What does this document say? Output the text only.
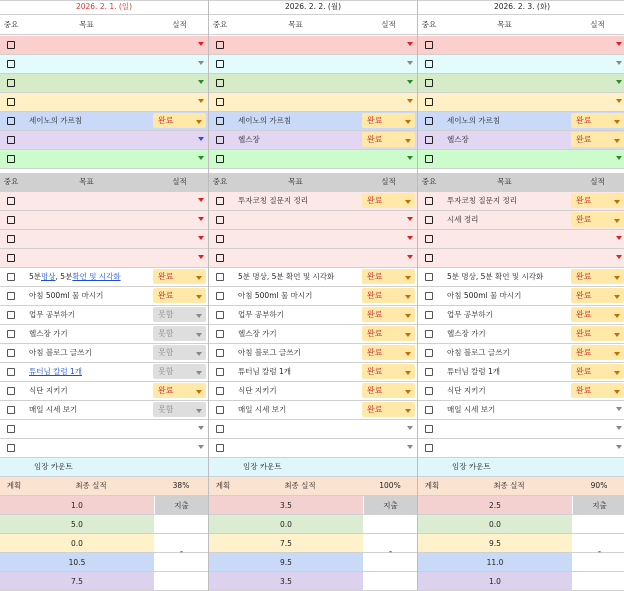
2026. 2. 1. (일)
중요	목표	실적
중요	목표	실적
세이노의 가르침	완료
5분 명상 , 5분 확언 및 시각화	완료
아침 500ml 물 마시기	완료
업무 공부하기	못함
헬스장 가기	못함
아침 블로그 글쓰기	못함
튜터님 칼럼 1개	못함
식단 지키기	완료
매일 시세 보기	못함
임장 카운트
계획	최종 실적	38%
1.0
5.0
0.0
10.5
7.5
지출
-
2026. 2. 2. (월)
중요	목표	실적
중요	목표	실적
세이노의 가르침	완료
헬스장	완료
투자코칭 질문지 정리	완료
5분 명상, 5분 확언 및 시각화	완료
아침 500ml 물 마시기	완료
업무 공부하기	완료
헬스장 가기	완료
아침 블로그 글쓰기	완료
튜터님 칼럼 1개	완료
식단 지키기	완료
매일 시세 보기	완료
임장 카운트
계획	최종 실적	100%
3.5
0.0
7.5
9.5
3.5
지출
-
2026. 2. 3. (화)
중요	목표	실적
중요	목표	실적
세이노의 가르침	완료
헬스장	완료
투자코칭 질문지 정리	완료
시세 정리	완료
5분 명상, 5분 확언 및 시각화	완료
아침 500ml 물 마시기	완료
업무 공부하기	완료
헬스장 가기	완료
아침 블로그 글쓰기	완료
튜터님 칼럼 1개	완료
식단 지키기	완료
매일 시세 보기
임장 카운트
계획	최종 실적	90%
2.5
0.0
9.5
11.0
1.0
지출
-
